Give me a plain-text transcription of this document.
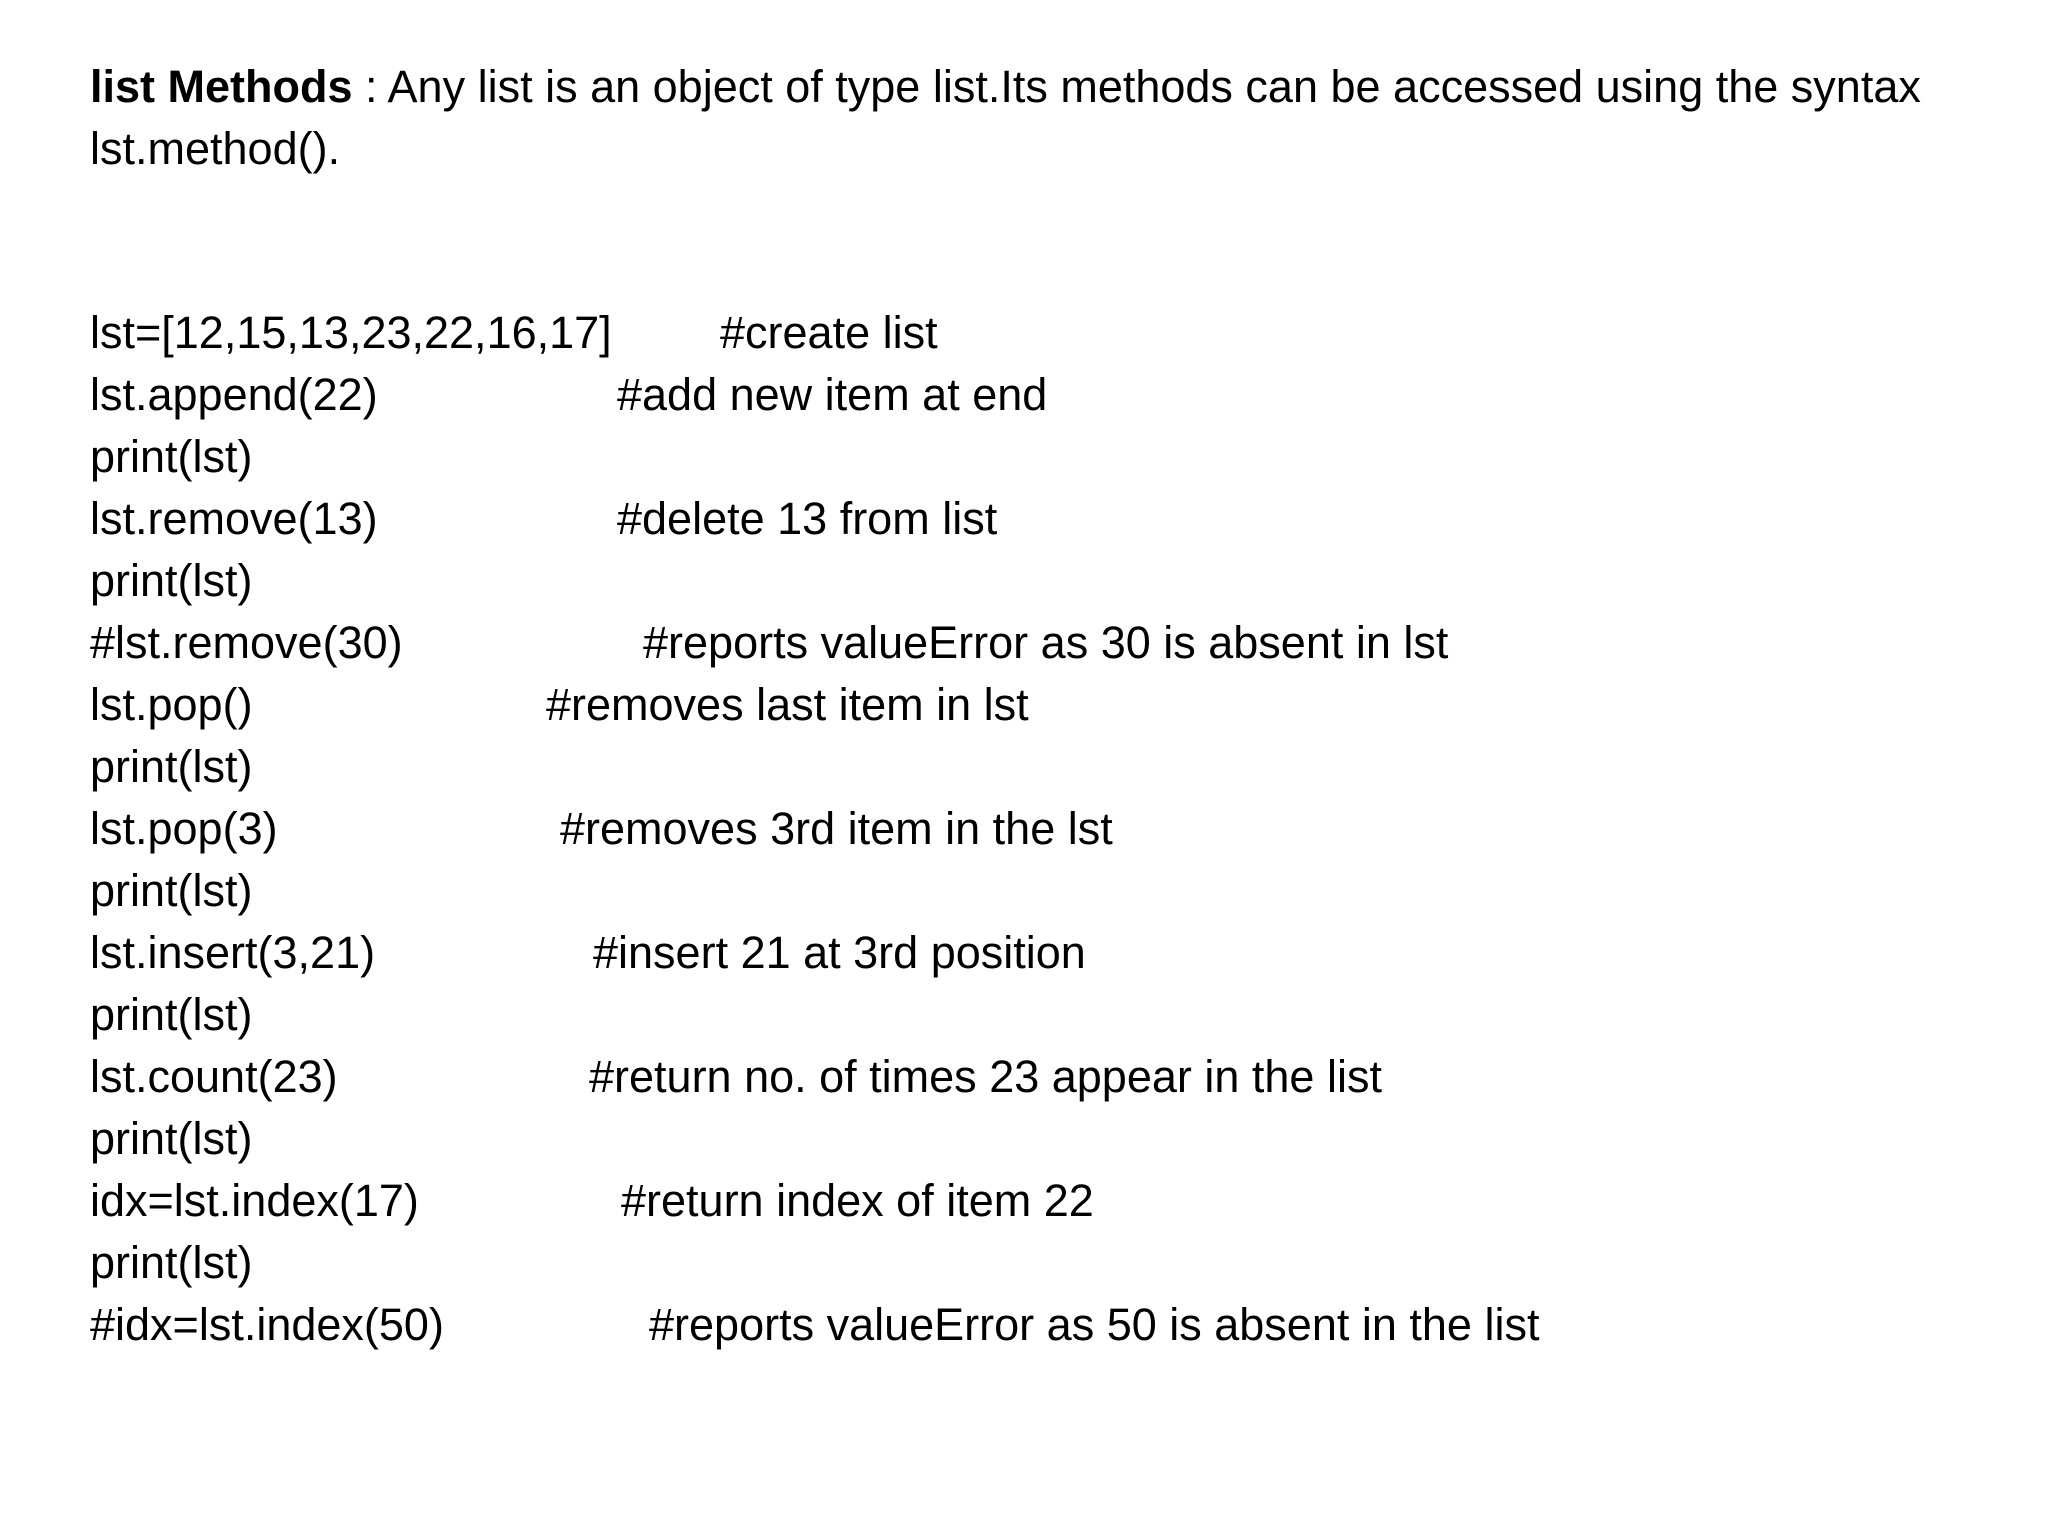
list Methods : Any list is an object of type list.Its methods can be accessed using the syntax lst.method().
lst=[12,15,13,23,22,16,17] #create list
lst.append(22)	#add new item at end
print(lst)
lst.remove(13)	#delete 13 from list
print(lst)
#lst.remove(30)	#reports valueError as 30 is absent in lst
lst.pop()	#removes last item in lst
print(lst)
lst.pop(3)	#removes 3rd item in the lst
print(lst)
lst.insert(3,21)	#insert 21 at 3rd position
print(lst)
lst.count(23)	#return no. of times 23 appear in the list
print(lst)
idx=lst.index(17)	#return index of item 22
print(lst)
#idx=lst.index(50)	#reports valueError as 50 is absent in the list
